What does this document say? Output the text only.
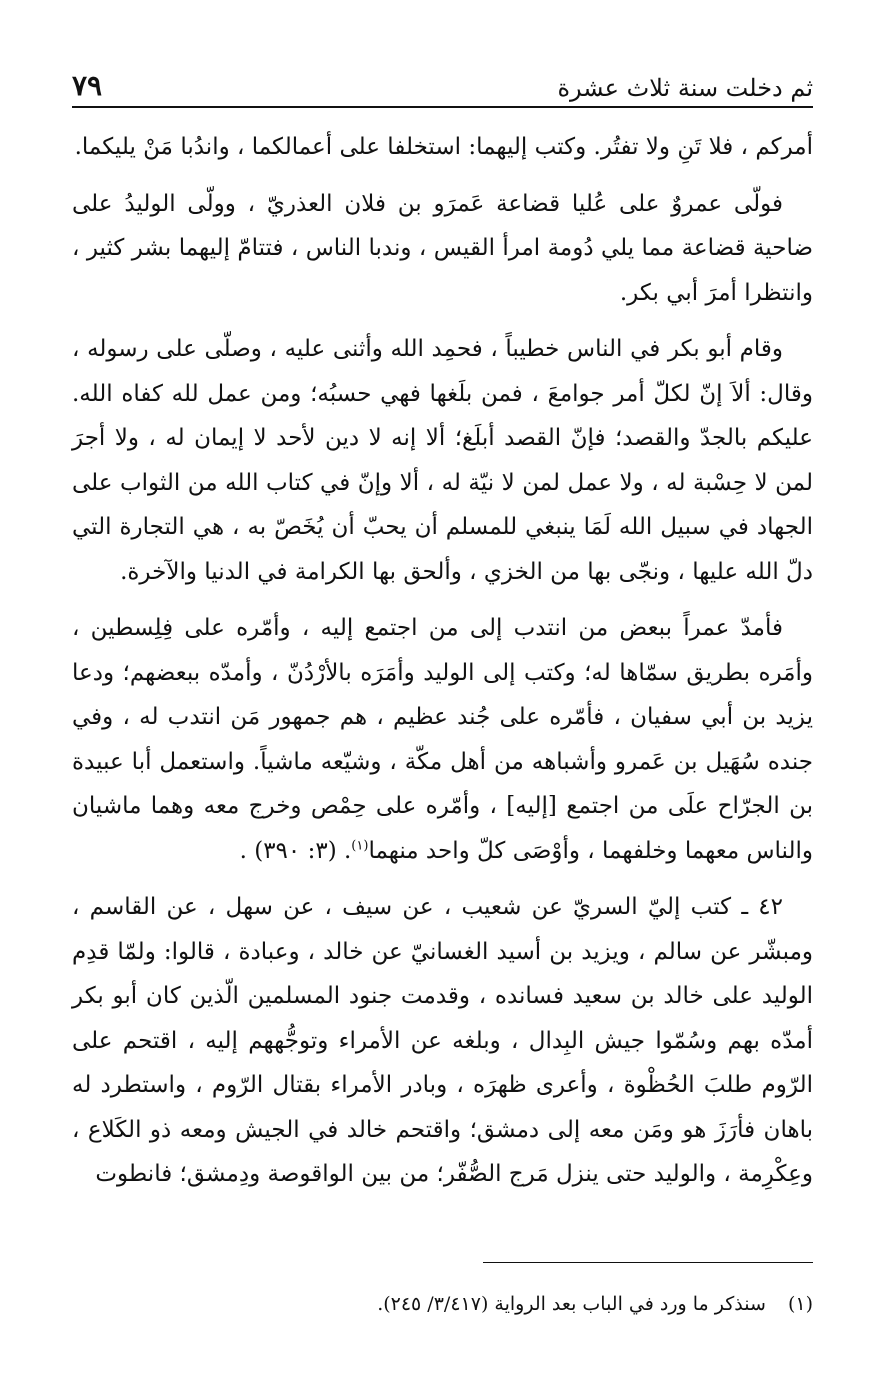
ثم دخلت سنة ثلاث عشرة
٧٩

أمركم ، فلا تَنِ ولا تفتُر. وكتب إليهما: استخلفا على أعمالكما ، واندُبا مَنْ يليكما.

فولّى عمروٌ على عُليا قضاعة عَمرَو بن فلان العذريّ ، وولّى الوليدُ على ضاحية قضاعة مما يلي دُومة امرأ القيس ، وندبا الناس ، فتتامّ إليهما بشر كثير ، وانتظرا أمرَ أبي بكر.

وقام أبو بكر في الناس خطيباً ، فحمِد الله وأثنى عليه ، وصلّى على رسوله ، وقال: ألاَ إنّ لكلّ أمر جوامعَ ، فمن بلَغها فهي حسبُه؛ ومن عمل لله كفاه الله. عليكم بالجدّ والقصد؛ فإنّ القصد أبلَغ؛ ألا إنه لا دين لأحد لا إيمان له ، ولا أجرَ لمن لا حِسْبة له ، ولا عمل لمن لا نيّة له ، ألا وإنّ في كتاب الله من الثواب على الجهاد في سبيل الله لَمَا ينبغي للمسلم أن يحبّ أن يُخَصّ به ، هي التجارة التي دلّ الله عليها ، ونجّى بها من الخزي ، وألحق بها الكرامة في الدنيا والآخرة.

فأمدّ عمراً ببعض من انتدب إلى من اجتمع إليه ، وأمّره على فِلِسطين ، وأمَره بطريق سمّاها له؛ وكتب إلى الوليد وأمَرَه بالأرْدُنّ ، وأمدّه ببعضهم؛ ودعا يزيد بن أبي سفيان ، فأمّره على جُند عظيم ، هم جمهور مَن انتدب له ، وفي جنده سُهَيل بن عَمرو وأشباهه من أهل مكّة ، وشيّعه ماشياً. واستعمل أبا عبيدة بن الجرّاح علَى من اجتمع [إليه] ، وأمّره على حِمْص وخرج معه وهما ماشيان والناس معهما وخلفهما ، وأوْصَى كلّ واحد منهما$^{(١)}$. (٣: ٣٩٠) .

٤٢ ـ كتب إليّ السريّ عن شعيب ، عن سيف ، عن سهل ، عن القاسم ، ومبشّر عن سالم ، ويزيد بن أسيد الغسانيّ عن خالد ، وعبادة ، قالوا: ولمّا قدِم الوليد على خالد بن سعيد فسانده ، وقدمت جنود المسلمين الّذين كان أبو بكر أمدّه بهم وسُمّوا جيش البِدال ، وبلغه عن الأمراء وتوجُّههم إليه ، اقتحم على الرّوم طلبَ الحُظْوة ، وأعرى ظهرَه ، وبادر الأمراء بقتال الرّوم ، واستطرد له باهان فأرَزَ هو ومَن معه إلى دمشق؛ واقتحم خالد في الجيش ومعه ذو الكَلاع ، وعِكْرِمة ، والوليد حتى ينزل مَرج الصُّفّر؛ من بين الواقوصة ودِمشق؛ فانطوت

(١) سنذكر ما ورد في الباب بعد الرواية (٣/٤١٧/ ٢٤٥).
